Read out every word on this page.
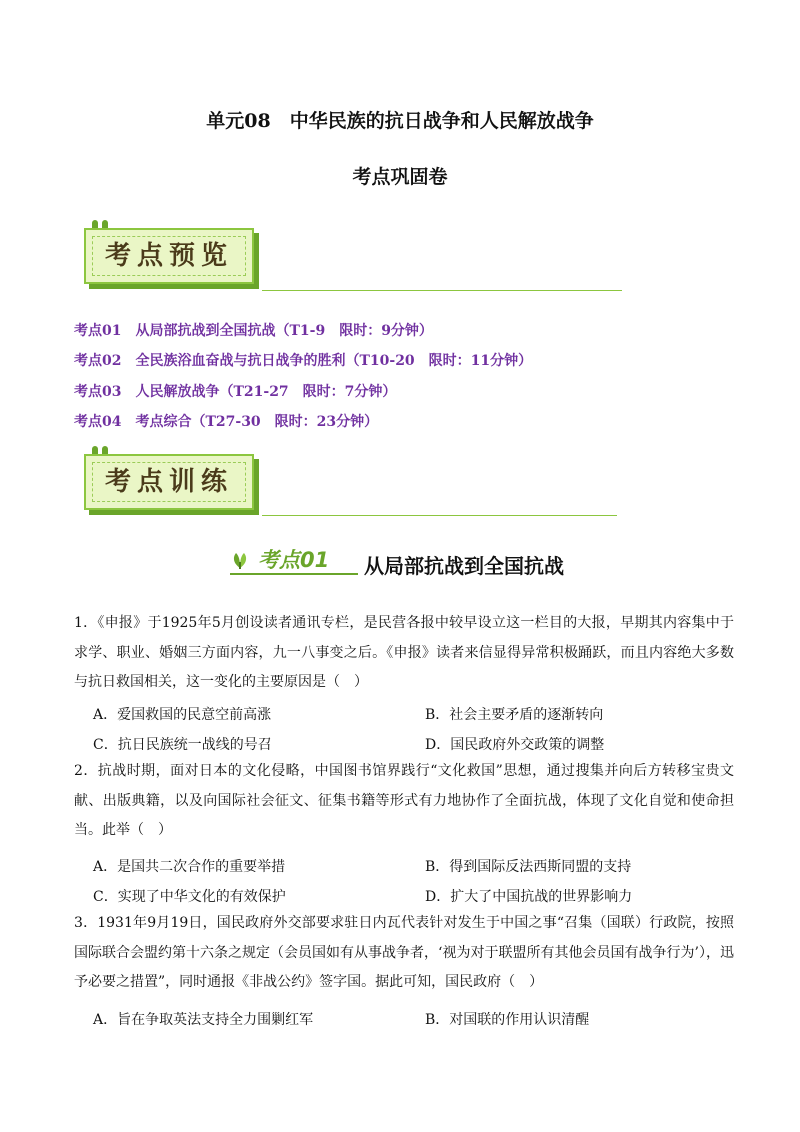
单元08　中华民族的抗日战争和人民解放战争
考点巩固卷
考点预览
考点01　从局部抗战到全国抗战（T1-9　限时：9分钟）
考点02　全民族浴血奋战与抗日战争的胜利（T10-20　限时：11分钟）
考点03　人民解放战争（T21-27　限时：7分钟）
考点04　考点综合（T27-30　限时：23分钟）
考点训练
考点01 从局部抗战到全国抗战
1．《申报》于1925年5月创设读者通讯专栏，是民营各报中较早设立这一栏目的大报，早期其内容集中于求学、职业、婚姻三方面内容，九一八事变之后。《申报》读者来信显得异常积极踊跃，而且内容绝大多数与抗日救国相关，这一变化的主要原因是（　）
A．爱国救国的民意空前高涨	B．社会主要矛盾的逐渐转向
C．抗日民族统一战线的号召	D．国民政府外交政策的调整
2．抗战时期，面对日本的文化侵略，中国图书馆界践行“文化救国”思想，通过搜集并向后方转移宝贵文献、出版典籍，以及向国际社会征文、征集书籍等形式有力地协作了全面抗战，体现了文化自觉和使命担当。此举（　）
A．是国共二次合作的重要举措	B．得到国际反法西斯同盟的支持
C．实现了中华文化的有效保护	D．扩大了中国抗战的世界影响力
3．1931年9月19日，国民政府外交部要求驻日内瓦代表针对发生于中国之事“召集（国联）行政院，按照国际联合会盟约第十六条之规定（会员国如有从事战争者，‘视为对于联盟所有其他会员国有战争行为’），迅予必要之措置”，同时通报《非战公约》签字国。据此可知，国民政府（　）
A．旨在争取英法支持全力围剿红军	B．对国联的作用认识清醒
